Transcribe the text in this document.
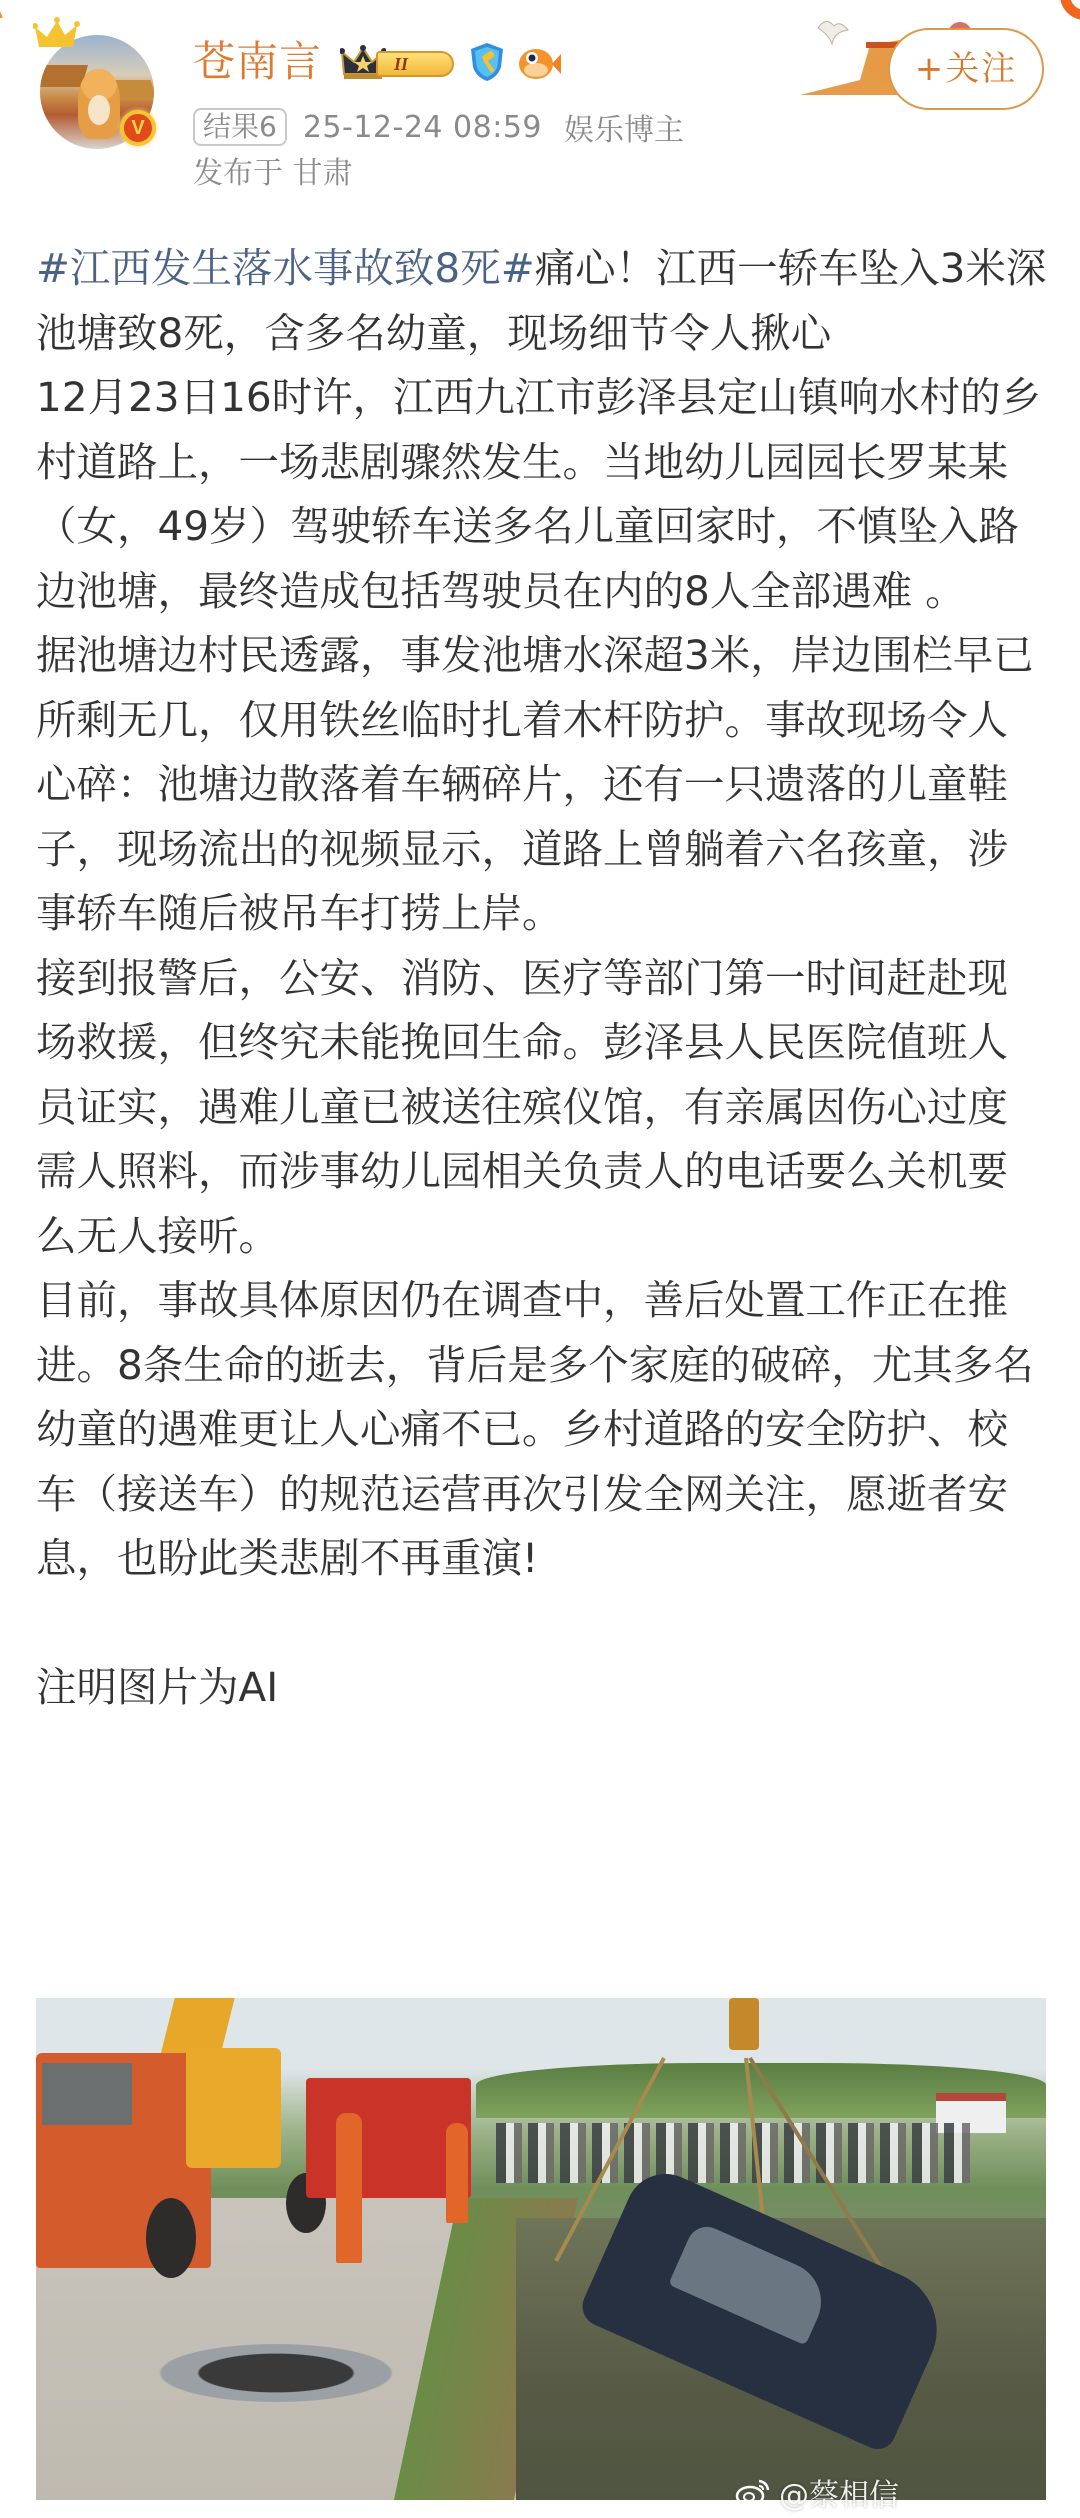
V
苍南言	II
结果6 25-12-24 08:59 娱乐博主
发布于 甘肃
+关注

#江西发生落水事故致8死#痛心！江西一轿车坠入3米深池塘致8死，含多名幼童，现场细节令人揪心

12月23日16时许，江西九江市彭泽县定山镇响水村的乡村道路上，一场悲剧骤然发生。当地幼儿园园长罗某某（女，49岁）驾驶轿车送多名儿童回家时，不慎坠入路边池塘，最终造成包括驾驶员在内的8人全部遇难 。

据池塘边村民透露，事发池塘水深超3米，岸边围栏早已所剩无几，仅用铁丝临时扎着木杆防护。事故现场令人心碎：池塘边散落着车辆碎片，还有一只遗落的儿童鞋子，现场流出的视频显示，道路上曾躺着六名孩童，涉事轿车随后被吊车打捞上岸。

接到报警后，公安、消防、医疗等部门第一时间赶赴现场救援，但终究未能挽回生命。彭泽县人民医院值班人员证实，遇难儿童已被送往殡仪馆，有亲属因伤心过度需人照料，而涉事幼儿园相关负责人的电话要么关机要么无人接听。

目前，事故具体原因仍在调查中，善后处置工作正在推进。8条生命的逝去，背后是多个家庭的破碎，尤其多名幼童的遇难更让人心痛不已。乡村道路的安全防护、校车（接送车）的规范运营再次引发全网关注，愿逝者安息，也盼此类悲剧不再重演!

注明图片为AI

@蔡相信
